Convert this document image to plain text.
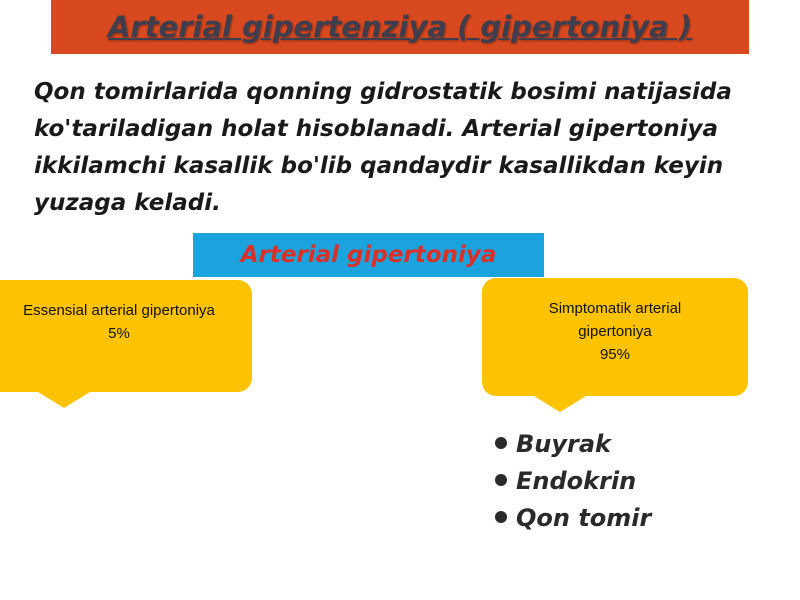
Arterial gipertenziya ( gipertoniya )

Qon tomirlarida qonning gidrostatik bosimi natijasida ko'tariladigan holat hisoblanadi. Arterial gipertoniya ikkilamchi kasallik bo'lib qandaydir kasallikdan keyin yuzaga keladi.

Arterial gipertoniya
Essensial arterial gipertoniya
5%
Simptomatik arterial
gipertoniya
95%
Buyrak
Endokrin
Qon tomir
